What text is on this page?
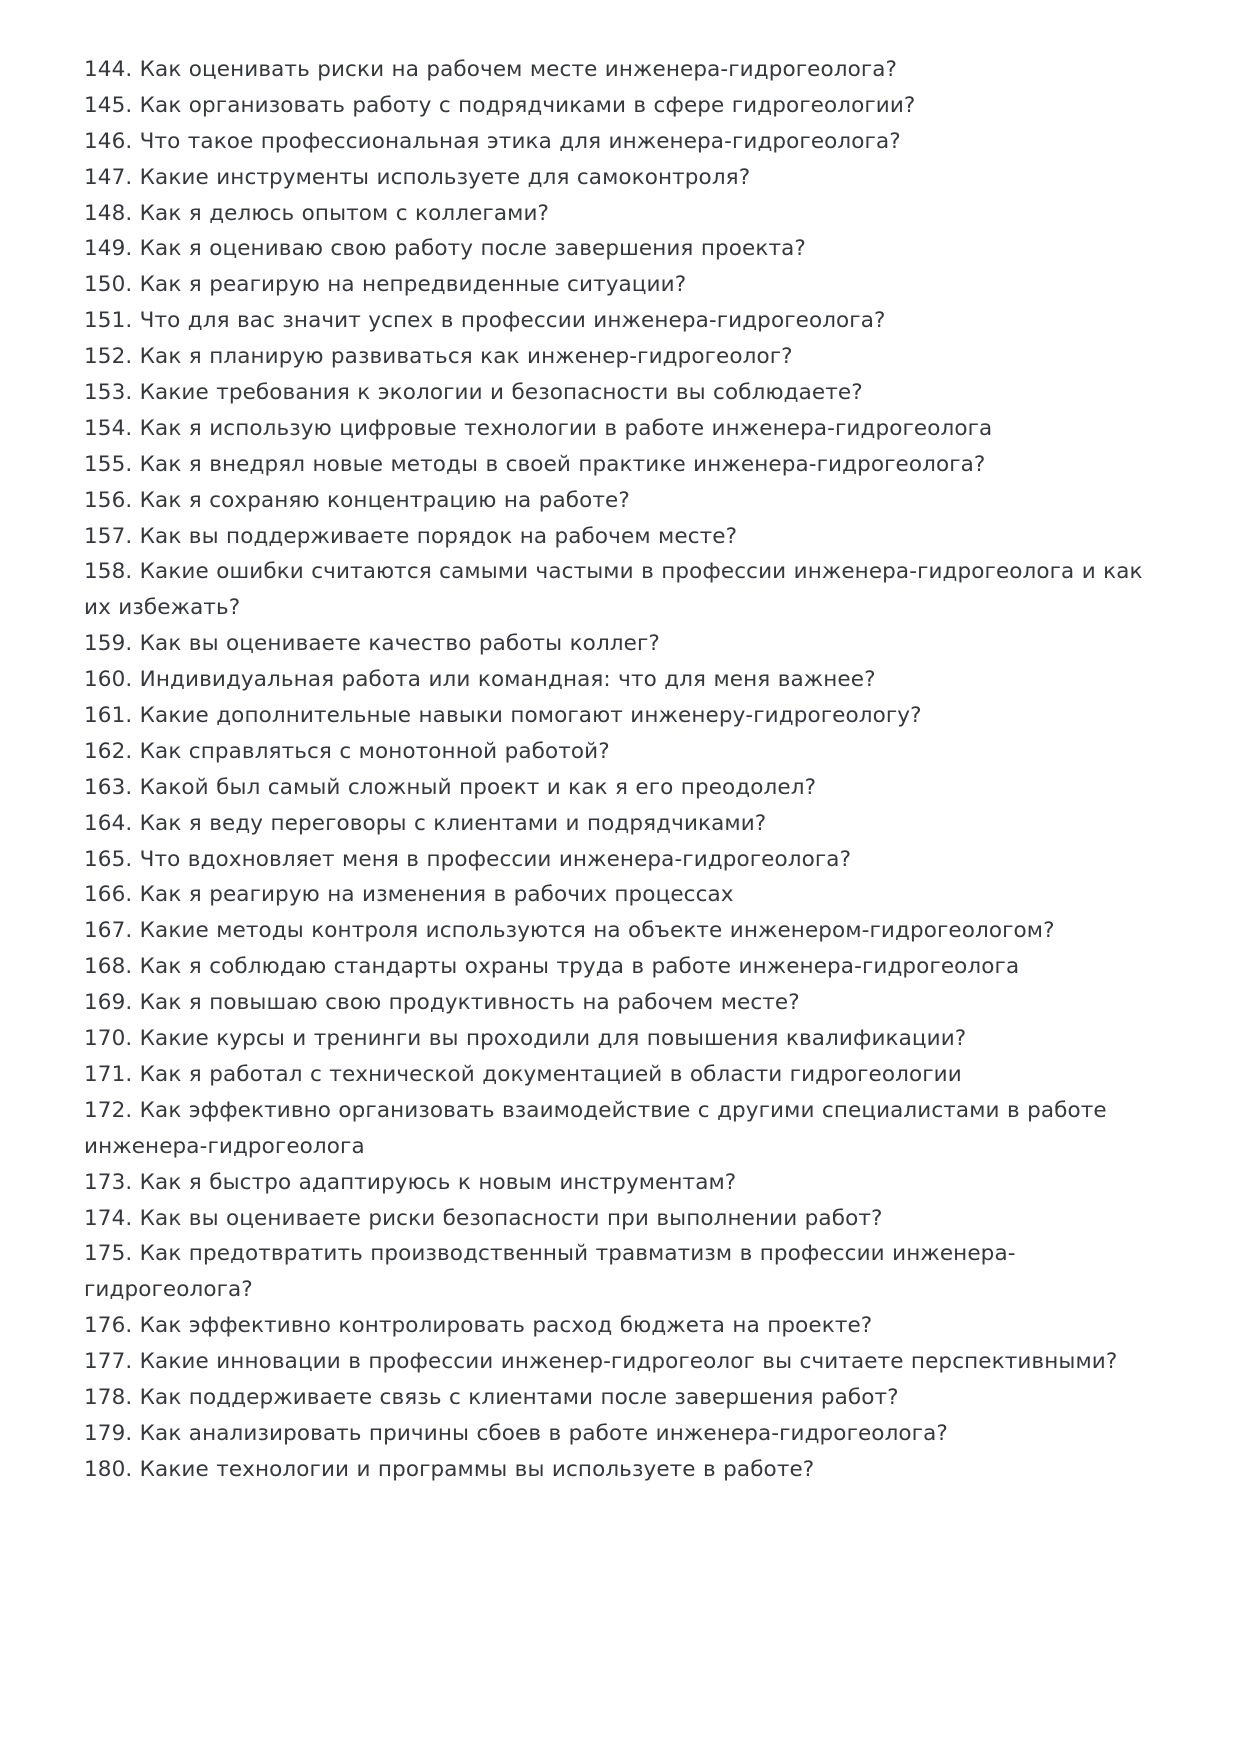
144. Как оценивать риски на рабочем месте инженера-гидрогеолога?
145. Как организовать работу с подрядчиками в сфере гидрогеологии?
146. Что такое профессиональная этика для инженера-гидрогеолога?
147. Какие инструменты используете для самоконтроля?
148. Как я делюсь опытом с коллегами?
149. Как я оцениваю свою работу после завершения проекта?
150. Как я реагирую на непредвиденные ситуации?
151. Что для вас значит успех в профессии инженера-гидрогеолога?
152. Как я планирую развиваться как инженер-гидрогеолог?
153. Какие требования к экологии и безопасности вы соблюдаете?
154. Как я использую цифровые технологии в работе инженера-гидрогеолога
155. Как я внедрял новые методы в своей практике инженера-гидрогеолога?
156. Как я сохраняю концентрацию на работе?
157. Как вы поддерживаете порядок на рабочем месте?
158. Какие ошибки считаются самыми частыми в профессии инженера-гидрогеолога и как их избежать?
159. Как вы оцениваете качество работы коллег?
160. Индивидуальная работа или командная: что для меня важнее?
161. Какие дополнительные навыки помогают инженеру-гидрогеологу?
162. Как справляться с монотонной работой?
163. Какой был самый сложный проект и как я его преодолел?
164. Как я веду переговоры с клиентами и подрядчиками?
165. Что вдохновляет меня в профессии инженера-гидрогеолога?
166. Как я реагирую на изменения в рабочих процессах
167. Какие методы контроля используются на объекте инженером-гидрогеологом?
168. Как я соблюдаю стандарты охраны труда в работе инженера-гидрогеолога
169. Как я повышаю свою продуктивность на рабочем месте?
170. Какие курсы и тренинги вы проходили для повышения квалификации?
171. Как я работал с технической документацией в области гидрогеологии
172. Как эффективно организовать взаимодействие с другими специалистами в работе инженера-гидрогеолога
173. Как я быстро адаптируюсь к новым инструментам?
174. Как вы оцениваете риски безопасности при выполнении работ?
175. Как предотвратить производственный травматизм в профессии инженера-гидрогеолога?
176. Как эффективно контролировать расход бюджета на проекте?
177. Какие инновации в профессии инженер-гидрогеолог вы считаете перспективными?
178. Как поддерживаете связь с клиентами после завершения работ?
179. Как анализировать причины сбоев в работе инженера-гидрогеолога?
180. Какие технологии и программы вы используете в работе?
